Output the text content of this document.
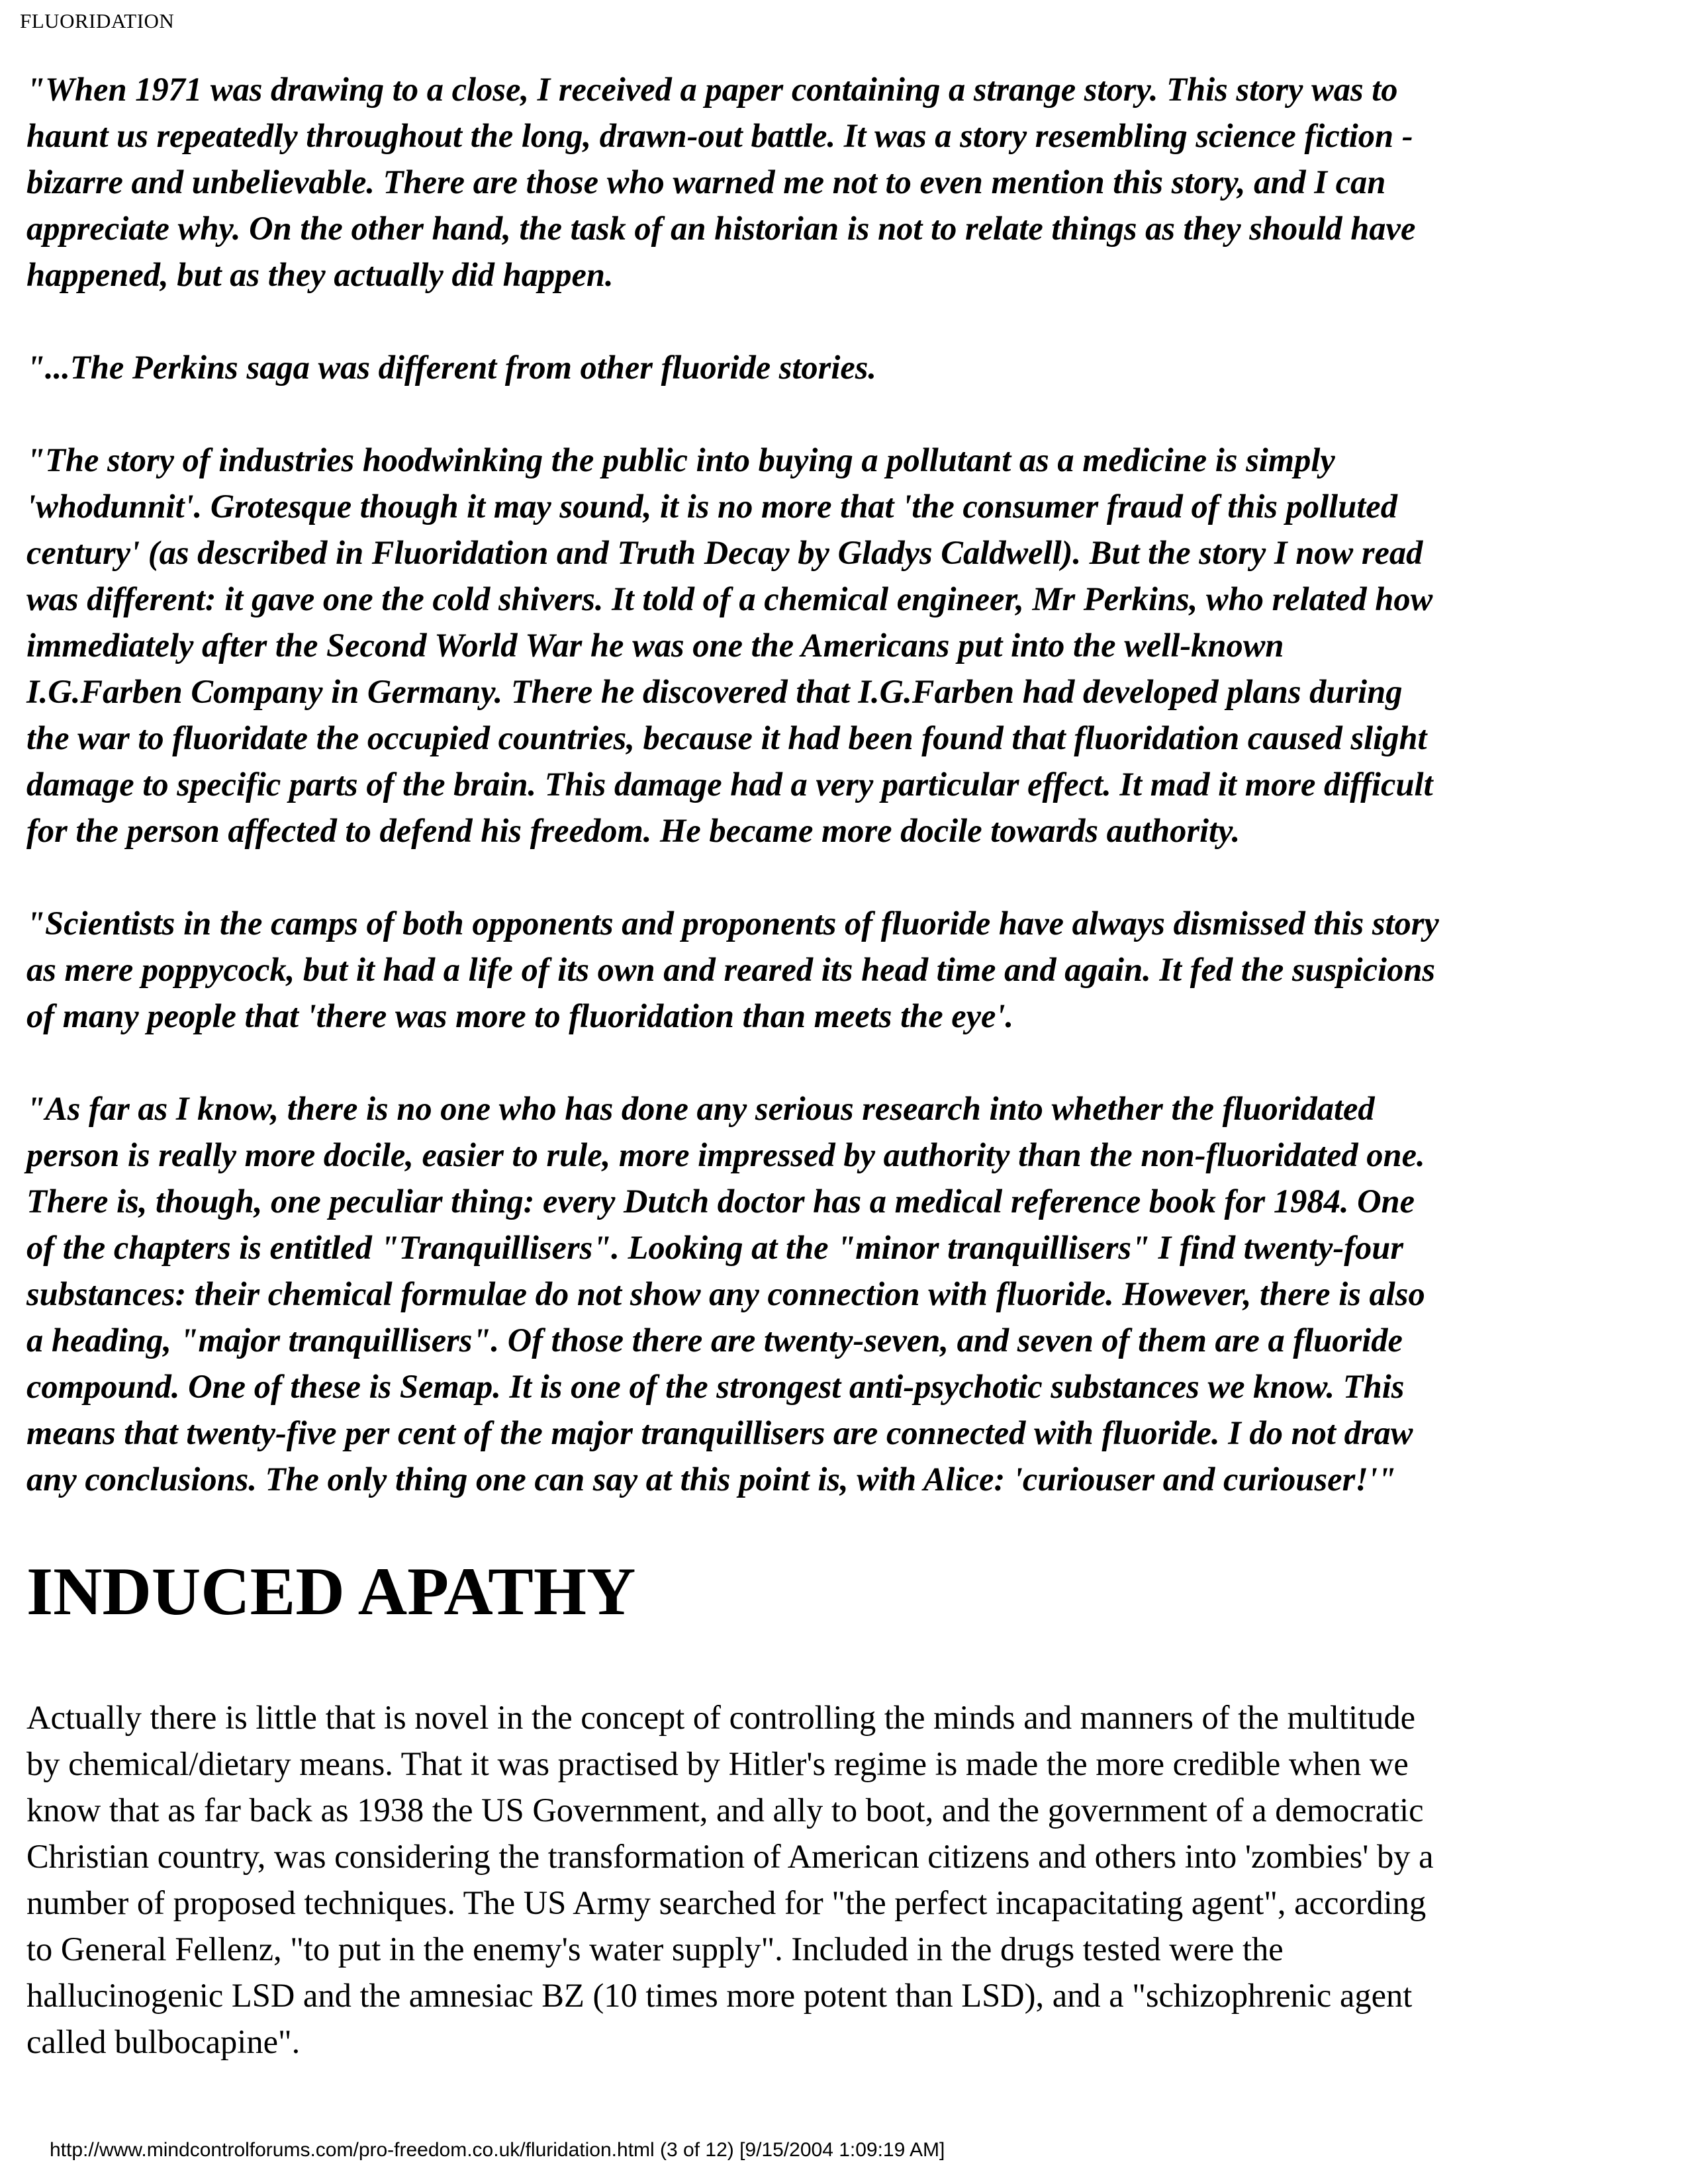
FLUORIDATION

"When 1971 was drawing to a close, I received a paper containing a strange story. This story was to
haunt us repeatedly throughout the long, drawn-out battle. It was a story resembling science fiction -
bizarre and unbelievable. There are those who warned me not to even mention this story, and I can
appreciate why. On the other hand, the task of an historian is not to relate things as they should have
happened, but as they actually did happen.

"...The Perkins saga was different from other fluoride stories.

"The story of industries hoodwinking the public into buying a pollutant as a medicine is simply
'whodunnit'. Grotesque though it may sound, it is no more that 'the consumer fraud of this polluted
century' (as described in Fluoridation and Truth Decay by Gladys Caldwell). But the story I now read
was different: it gave one the cold shivers. It told of a chemical engineer, Mr Perkins, who related how
immediately after the Second World War he was one the Americans put into the well-known
I.G.Farben Company in Germany. There he discovered that I.G.Farben had developed plans during
the war to fluoridate the occupied countries, because it had been found that fluoridation caused slight
damage to specific parts of the brain. This damage had a very particular effect. It mad it more difficult
for the person affected to defend his freedom. He became more docile towards authority.

"Scientists in the camps of both opponents and proponents of fluoride have always dismissed this story
as mere poppycock, but it had a life of its own and reared its head time and again. It fed the suspicions
of many people that 'there was more to fluoridation than meets the eye'.

"As far as I know, there is no one who has done any serious research into whether the fluoridated
person is really more docile, easier to rule, more impressed by authority than the non-fluoridated one.
There is, though, one peculiar thing: every Dutch doctor has a medical reference book for 1984. One
of the chapters is entitled "Tranquillisers". Looking at the "minor tranquillisers" I find twenty-four
substances: their chemical formulae do not show any connection with fluoride. However, there is also
a heading, "major tranquillisers". Of those there are twenty-seven, and seven of them are a fluoride
compound. One of these is Semap. It is one of the strongest anti-psychotic substances we know. This
means that twenty-five per cent of the major tranquillisers are connected with fluoride. I do not draw
any conclusions. The only thing one can say at this point is, with Alice: 'curiouser and curiouser!'"

INDUCED APATHY

Actually there is little that is novel in the concept of controlling the minds and manners of the multitude
by chemical/dietary means. That it was practised by Hitler's regime is made the more credible when we
know that as far back as 1938 the US Government, and ally to boot, and the government of a democratic
Christian country, was considering the transformation of American citizens and others into 'zombies' by a
number of proposed techniques. The US Army searched for "the perfect incapacitating agent", according
to General Fellenz, "to put in the enemy's water supply". Included in the drugs tested were the
hallucinogenic LSD and the amnesiac BZ (10 times more potent than LSD), and a "schizophrenic agent
called bulbocapine".

http://www.mindcontrolforums.com/pro-freedom.co.uk/fluridation.html (3 of 12) [9/15/2004 1:09:19 AM]
